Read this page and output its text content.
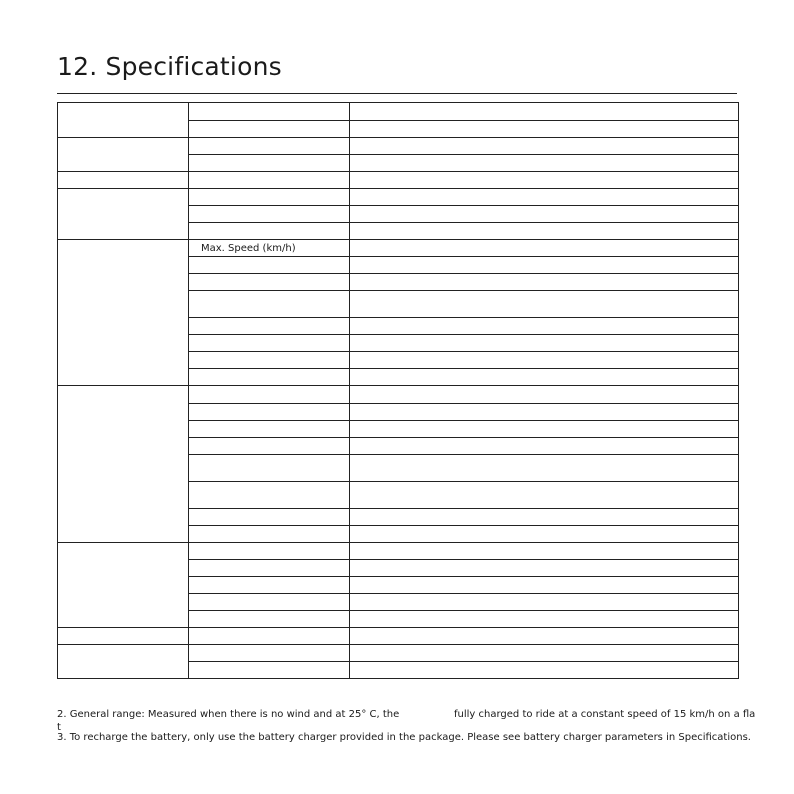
12. Specifications

	Max. Speed (km/h)		

2. General range: Measured when there is no wind and at 25° C, the	fully charged to ride at a constant speed of 15 km/h on a fla
t
3. To recharge the battery, only use the battery charger provided in the package. Please see battery charger parameters in Specifications.
